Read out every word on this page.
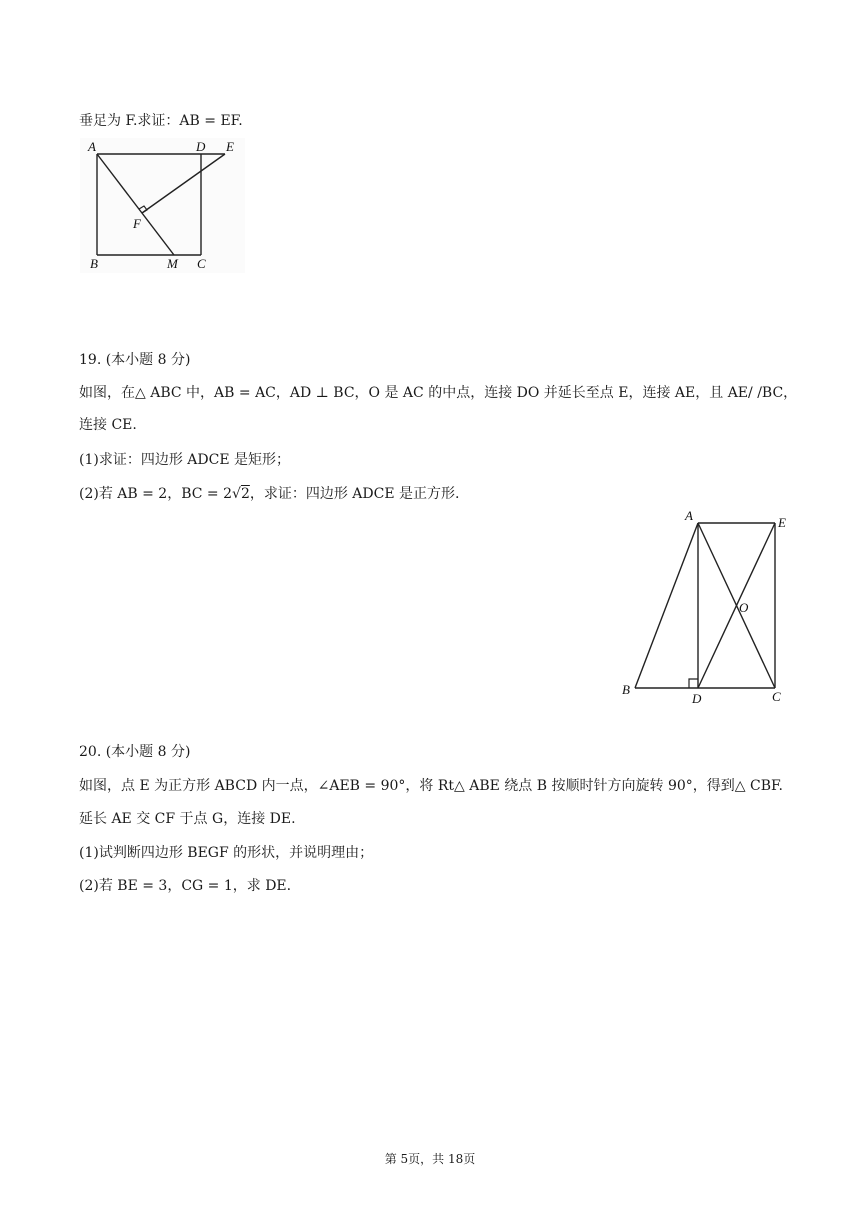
垂足为 F.求证：AB = EF.
A	D E
F
B	M C
19. (本小题 8 分)
如图，在△ ABC 中，AB = AC，AD ⊥ BC，O 是 AC 的中点，连接 DO 并延长至点 E，连接 AE，且 AE/ /BC，
连接 CE.
(1)求证：四边形 ADCE 是矩形；
(2)若 AB = 2，BC = 2√2，求证：四边形 ADCE 是正方形.
A	E
O
B
D	C
20. (本小题 8 分)
如图，点 E 为正方形 ABCD 内一点，∠AEB = 90°，将 Rt△ ABE 绕点 B 按顺时针方向旋转 90°，得到△ CBF.
延长 AE 交 CF 于点 G，连接 DE.
(1)试判断四边形 BEGF 的形状，并说明理由；
(2)若 BE = 3，CG = 1，求 DE.
第 5页，共 18页
